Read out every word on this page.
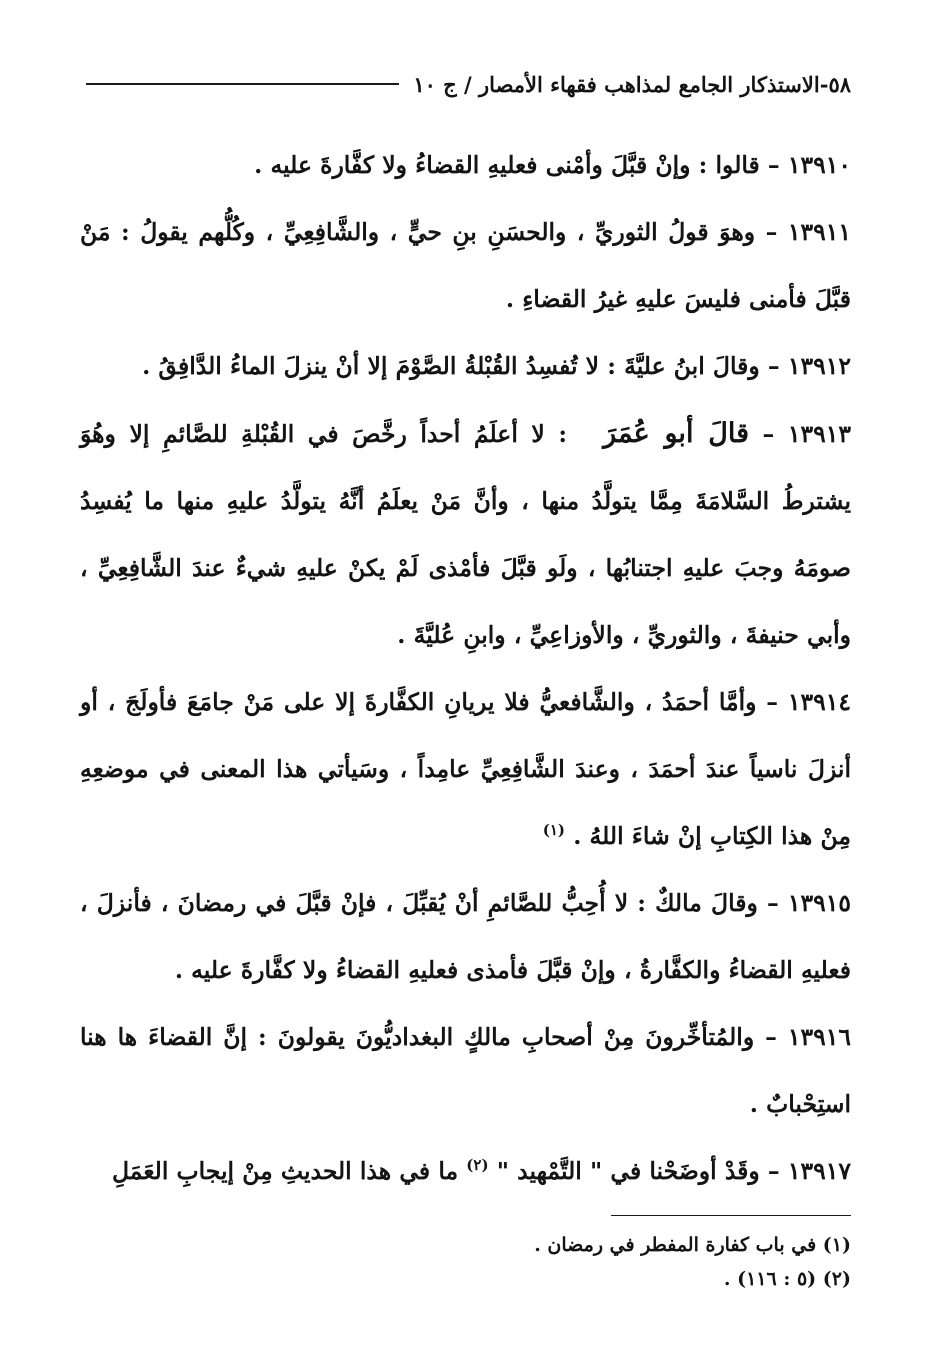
٥٨
-
الاستذكار الجامع لمذاهب فقهاء الأمصار / ج ١٠

١٣٩١٠ – قالوا : وإنْ قبَّلَ وأمْنى فعليهِ القضاءُ ولا كفَّارةَ عليه .

١٣٩١١ – وهوَ قولُ الثوريِّ ، والحسَنِ بنِ حيٍّ ، والشَّافِعِيِّ ، وكُلُّهم يقولُ : مَنْ قبَّلَ فأمنى فليسَ عليهِ غيرُ القضاءِ .

١٣٩١٢ – وقالَ ابنُ عليَّةَ : لا تُفسِدُ القُبْلةُ الصَّوْمَ إلا أنْ ينزلَ الماءُ الدَّافِقُ .

١٣٩١٣ – قالَ أبو عُمَرَ: لا أعلَمُ أحداً رخَّصَ في القُبْلةِ للصَّائمِ إلا وهُوَ يشترطُ السَّلامَةَ مِمَّا يتولَّدُ منها ، وأنَّ مَنْ يعلَمُ أنَّهُ يتولَّدُ عليهِ منها ما يُفسِدُ صومَهُ وجبَ عليهِ اجتنابُها ، ولَو قبَّلَ فأمْذى لَمْ يكنْ عليهِ شيءٌ عندَ الشَّافِعِيِّ ، وأبي حنيفةَ ، والثوريِّ ، والأوزاعِيِّ ، وابنِ عُليَّةَ .

١٣٩١٤ – وأمَّا أحمَدُ ، والشَّافعيُّ فلا يريانِ الكفَّارةَ إلا على مَنْ جامَعَ فأولَجَ ، أو أنزلَ ناسياً عندَ أحمَدَ ، وعندَ الشَّافِعِيِّ عامِداً ، وسَيأتي هذا المعنى في موضعِهِ مِنْ هذا الكِتابِ إنْ شاءَ اللهُ . $^{(١)}$

١٣٩١٥ – وقالَ مالكٌ : لا أُحِبُّ للصَّائمِ أنْ يُقبِّلَ ، فإنْ قبَّلَ في رمضانَ ، فأنزلَ ، فعليهِ القضاءُ والكفَّارةُ ، وإنْ قبَّلَ فأمذى فعليهِ القضاءُ ولا كفَّارةَ عليه .

١٣٩١٦ – والمُتأخِّرونَ مِنْ أصحابِ مالكٍ البغداديُّونَ يقولونَ : إنَّ القضاءَ ها هنا استِحْبابٌ .

١٣٩١٧ – وقَدْ أوضَحْنا في " التَّمْهيد " $^{(٢)}$ ما في هذا الحديثِ مِنْ إيجابِ العَمَلِ

(١) في باب كفارة المفطر في رمضان .

(٢) (٥ : ١١٦) .
